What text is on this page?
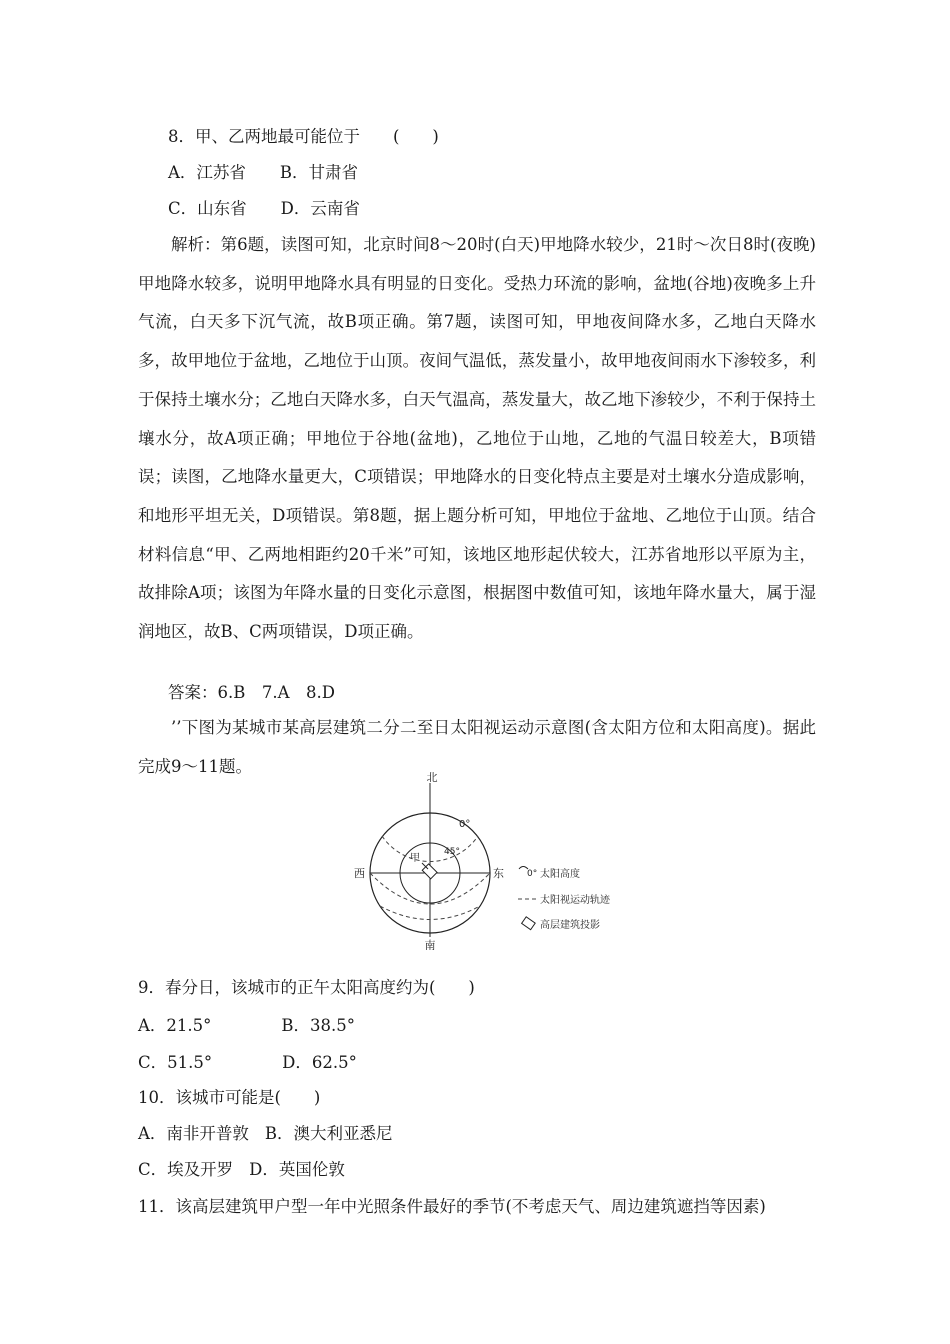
8．甲、乙两地最可能位于　　(　　)
A．江苏省 B．甘肃省
C．山东省 D．云南省
解析：第6题，读图可知，北京时间8～20时(白天)甲地降水较少，21时～次日8时(夜晚)甲地降水较多，说明甲地降水具有明显的日变化。受热力环流的影响，盆地(谷地)夜晚多上升气流，白天多下沉气流，故B项正确。第7题，读图可知，甲地夜间降水多，乙地白天降水多，故甲地位于盆地，乙地位于山顶。夜间气温低，蒸发量小，故甲地夜间雨水下渗较多，利于保持土壤水分；乙地白天降水多，白天气温高，蒸发量大，故乙地下渗较少，不利于保持土壤水分，故A项正确；甲地位于谷地(盆地)，乙地位于山地，乙地的气温日较差大，B项错误；读图，乙地降水量更大，C项错误；甲地降水的日变化特点主要是对土壤水分造成影响，和地形平坦无关，D项错误。第8题，据上题分析可知，甲地位于盆地、乙地位于山顶。结合材料信息“甲、乙两地相距约20千米”可知，该地区地形起伏较大，江苏省地形以平原为主，故排除A项；该图为年降水量的日变化示意图，根据图中数值可知，该地年降水量大，属于湿润地区，故B、C两项错误，D项正确。
答案：6.B　7.A　8.D
’’下图为某城市某高层建筑二分二至日太阳视运动示意图(含太阳方位和太阳高度)。据此完成9～11题。
北
南
西	东
0°
45°
甲
0° 太阳高度
太阳视运动轨迹
高层建筑投影
9．春分日，该城市的正午太阳高度约为(　　)
A．21.5°	B．38.5°
C．51.5°	D．62.5°
10．该城市可能是(　　)
A．南非开普敦 B．澳大利亚悉尼
C．埃及开罗 D．英国伦敦
11．该高层建筑甲户型一年中光照条件最好的季节(不考虑天气、周边建筑遮挡等因素)
